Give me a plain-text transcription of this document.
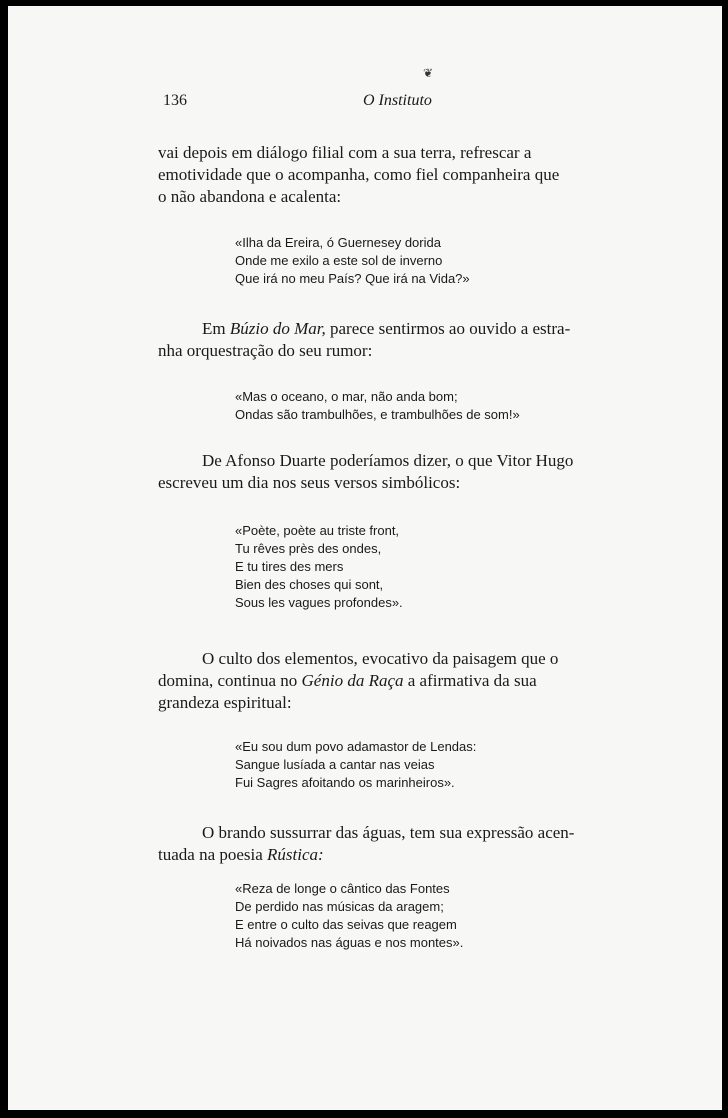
❦
136	O Instituto
vai depois em diálogo filial com a sua terra, refrescar a
emotividade que o acompanha, como fiel companheira que
o não abandona e acalenta:
«Ilha da Ereira, ó Guernesey dorida
Onde me exilo a este sol de inverno
Que irá no meu País? Que irá na Vida?»
Em Búzio do Mar, parece sentirmos ao ouvido a estra-
nha orquestração do seu rumor:
«Mas o oceano, o mar, não anda bom;
Ondas são trambulhões, e trambulhões de som!»
De Afonso Duarte poderíamos dizer, o que Vitor Hugo
escreveu um dia nos seus versos simbólicos:
«Poète, poète au triste front,
Tu rêves près des ondes,
E tu tires des mers
Bien des choses qui sont,
Sous les vagues profondes».
O culto dos elementos, evocativo da paisagem que o
domina, continua no Génio da Raça a afirmativa da sua
grandeza espiritual:
«Eu sou dum povo adamastor de Lendas:
Sangue lusíada a cantar nas veias
Fui Sagres afoitando os marinheiros».
O brando sussurrar das águas, tem sua expressão acen-
tuada na poesia Rústica:
«Reza de longe o cântico das Fontes
De perdido nas músicas da aragem;
E entre o culto das seivas que reagem
Há noivados nas águas e nos montes».
